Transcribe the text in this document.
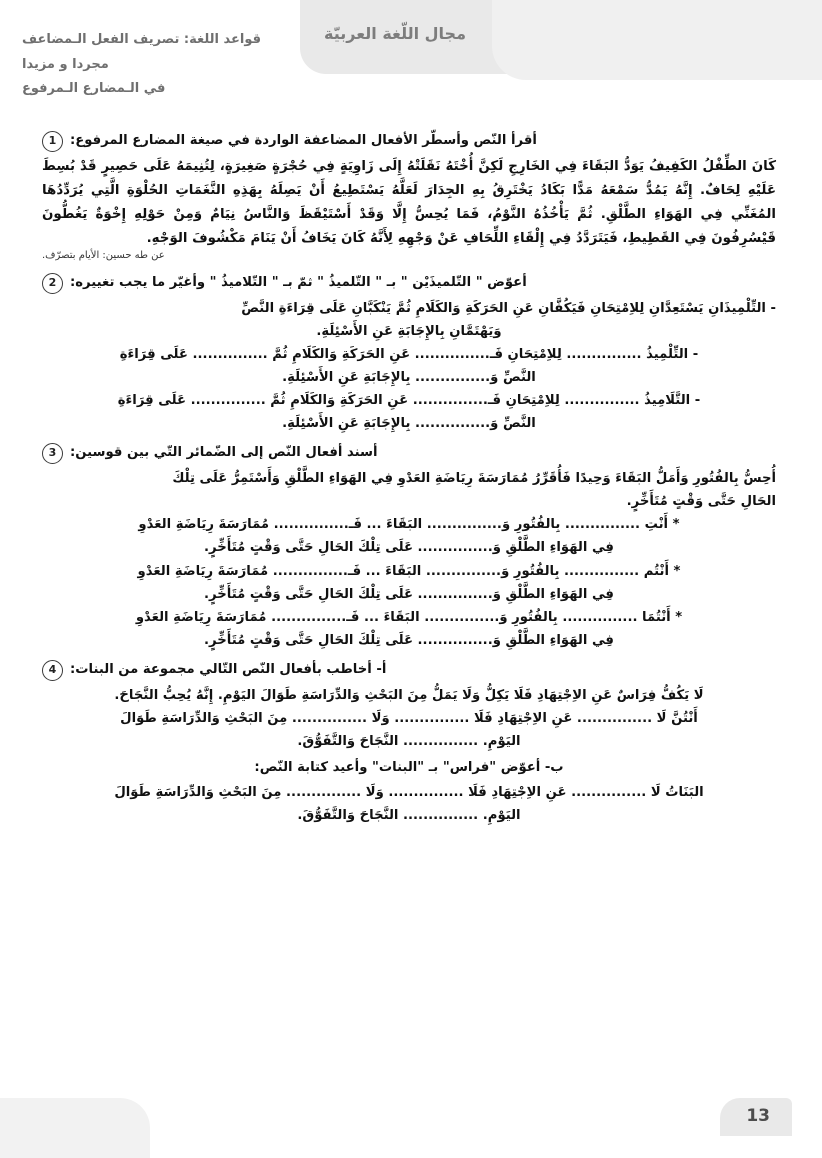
مجال اللّغة العربيّة
قواعد اللغة: تصريف الفعل الـمضاعف مجردا و مزيدا
في الـمضارع الـمرفوع
1	أقرأ النّص وأسطّر الأفعال المضاعفة الواردة في صيغة المضارع المرفوع:
كَانَ الطِّفْلُ الكَفِيفُ يَوَدُّ البَقَاءَ فِي الخَارِجِ لَكِنَّ أُخْتَهُ نَقَلَتْهُ إِلَى زَاوِيَةٍ فِي حُجْرَةٍ صَغِيرَةٍ، لِتُنِيمَهُ عَلَى حَصِيرٍ قَدْ بُسِطَ عَلَيْهِ لِحَافٌ. إِنَّهُ يَمُدُّ سَمْعَهُ مَدًّا بَكَادُ يَخْتَرِقُ بِهِ الجِدَارَ لَعَلَّهُ يَسْتَطِيعُ أَنْ يَصِلَهُ بِهَذِهِ النَّغَمَاتِ الحُلْوَةِ الَّتِي يُرَدِّدُهَا المُغَنِّي فِي الهَوَاءِ الطَّلْقِ. ثُمَّ يَأْخُذُهُ النَّوْمُ، فَمَا يُحِسُّ إِلَّا وَقَدْ أَسْتَيْقَظَ وَالنَّاسُ نِيَامٌ وَمِنْ حَوْلِهِ إِخْوَةٌ يَغُطُّونَ قَيْسُرِفُونَ فِي القَطِيطِ، فَيَتَرَدَّدُ فِي إِلْقَاءِ اللِّحَافِ عَنْ وَجْهِهِ لِأَنَّهُ كَانَ يَخَافُ أَنْ يَنَامَ مَكْشُوفَ الوَجْهِ.
عن طه حسين: الأيام بتصرّف.
2	أعوّض " التّلميذَيْن " بـ " التّلميذُ " ثمّ بـ " التّلاميذُ " وأغيّر ما يجب تغييره:
- التِّلْمِيذَانِ يَسْتَعِدَّانِ لِلاِمْتِحَانِ فَيَكُفَّانِ عَنِ الحَرَكَةِ وَالكَلَامِ ثُمَّ يَنْكَبَّانِ عَلَى قِرَاءَةِ النَّصِّ
وَيَهْتَمَّانِ بِالإِجَابَةِ عَنِ الأَسْئِلَةِ.
- التِّلْمِيذُ ............... لِلاِمْتِحَانِ فَـ............... عَنِ الحَرَكَةِ وَالكَلَامِ ثُمَّ ............... عَلَى قِرَاءَةِ
النَّصِّ وَ............... بِالإِجَابَةِ عَنِ الأَسْئِلَةِ.
- التَّلَامِيذُ ............... لِلاِمْتِحَانِ فَـ............... عَنِ الحَرَكَةِ وَالكَلَامِ ثُمَّ ............... عَلَى قِرَاءَةِ
النَّصِّ وَ............... بِالإِجَابَةِ عَنِ الأَسْئِلَةِ.
3	أسند أفعال النّص إلى الضّمائر التّي بين قوسين:
أُحِسُّ بِالفُتُورِ وَأَمَلُّ البَقَاءَ وَحِيدًا فَأُقَرِّرُ مُمَارَسَةَ رِيَاضَةِ العَدْوِ فِي الهَوَاءِ الطَّلْقِ وَأَسْتَمِرُّ عَلَى تِلْكَ
الحَالِ حَتَّى وَقْتٍ مُتَأَخِّرٍ.
* أَنْتِ ............... بِالفُتُورِ وَ............... البَقَاءَ ... فَـ............... مُمَارَسَةَ رِيَاضَةِ العَدْوِ
فِي الهَوَاءِ الطَّلْقِ وَ............... عَلَى تِلْكَ الحَالِ حَتَّى وَقْتٍ مُتَأَخِّرٍ.
* أَنْتُم ............... بِالفُتُورِ وَ............... البَقَاءَ ... فَـ............... مُمَارَسَةَ رِيَاضَةِ العَدْوِ
فِي الهَوَاءِ الطَّلْقِ وَ............... عَلَى تِلْكَ الحَالِ حَتَّى وَقْتٍ مُتَأَخِّرٍ.
* أَنْتُمَا ............... بِالفُتُورِ وَ............... البَقَاءَ ... فَـ............... مُمَارَسَةَ رِيَاضَةِ العَدْوِ
فِي الهَوَاءِ الطَّلْقِ وَ............... عَلَى تِلْكَ الحَالِ حَتَّى وَقْتٍ مُتَأَخِّرٍ.
4	أ- أخاطب بأفعال النّص التّالي مجموعة من البنات:
لَا يَكُفُّ فِرَاسٌ عَنِ الاِجْتِهَادِ فَلَا يَكِلُّ وَلَا يَمَلُّ مِنَ البَحْثِ وَالدِّرَاسَةِ طَوَالَ اليَوْمِ. إِنَّهُ يُحِبُّ النَّجَاحَ.
أَنْتُنَّ لَا ............... عَنِ الاِجْتِهَادِ فَلَا ............... وَلَا ............... مِنَ البَحْثِ وَالدِّرَاسَةِ طَوَالَ
اليَوْمِ. ............... النَّجَاحَ وَالتَّفَوُّقَ.
ب- أعوّض "فراس" بـ "البنات" وأعيد كتابة النّص:
البَنَاتُ لَا ............... عَنِ الاِجْتِهَادِ فَلَا ............... وَلَا ............... مِنَ البَحْثِ وَالدِّرَاسَةِ طَوَالَ
اليَوْمِ. ............... النَّجَاحَ وَالتَّفَوُّقَ.
13
